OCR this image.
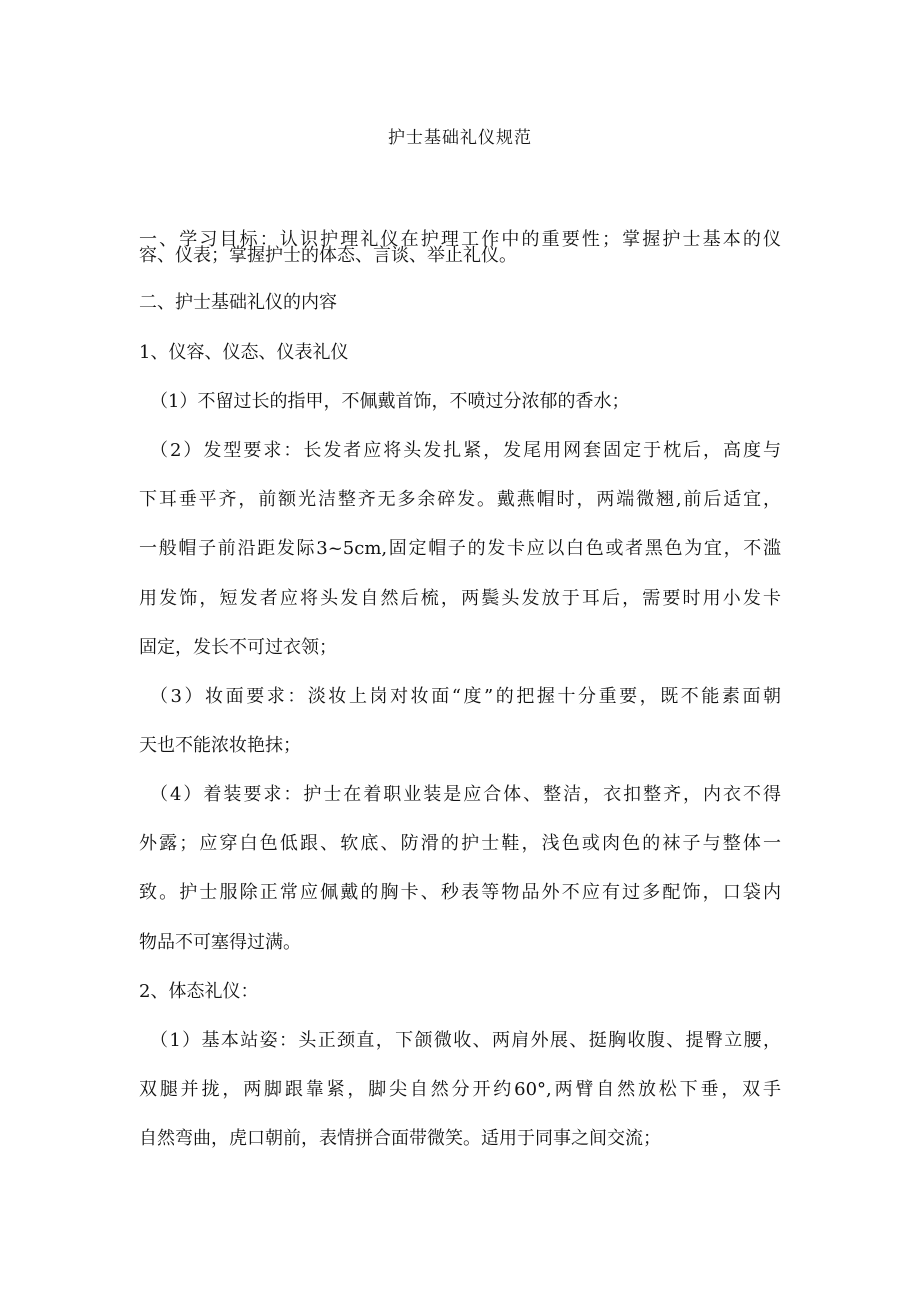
护士基础礼仪规范
一、学习目标：认识护理礼仪在护理工作中的重要性；掌握护士基本的仪
容、仪表；掌握护士的体态、言谈、举止礼仪。
二、护士基础礼仪的内容
1、仪容、仪态、仪表礼仪
（1）不留过长的指甲，不佩戴首饰，不喷过分浓郁的香水；
（2）发型要求：长发者应将头发扎紧，发尾用网套固定于枕后，高度与
下耳垂平齐，前额光洁整齐无多余碎发。戴燕帽时，两端微翘,前后适宜，
一般帽子前沿距发际3~5cm,固定帽子的发卡应以白色或者黑色为宜，不滥
用发饰，短发者应将头发自然后梳，两鬓头发放于耳后，需要时用小发卡
固定，发长不可过衣领；
（3）妆面要求：淡妆上岗对妆面“度”的把握十分重要，既不能素面朝
天也不能浓妆艳抹；
（4）着装要求：护士在着职业装是应合体、整洁，衣扣整齐，内衣不得
外露；应穿白色低跟、软底、防滑的护士鞋，浅色或肉色的袜子与整体一
致。护士服除正常应佩戴的胸卡、秒表等物品外不应有过多配饰，口袋内
物品不可塞得过满。
2、体态礼仪：
（1）基本站姿：头正颈直，下颌微收、两肩外展、挺胸收腹、提臀立腰，
双腿并拢，两脚跟靠紧，脚尖自然分开约60°,两臂自然放松下垂，双手
自然弯曲，虎口朝前，表情拼合面带微笑。适用于同事之间交流；
